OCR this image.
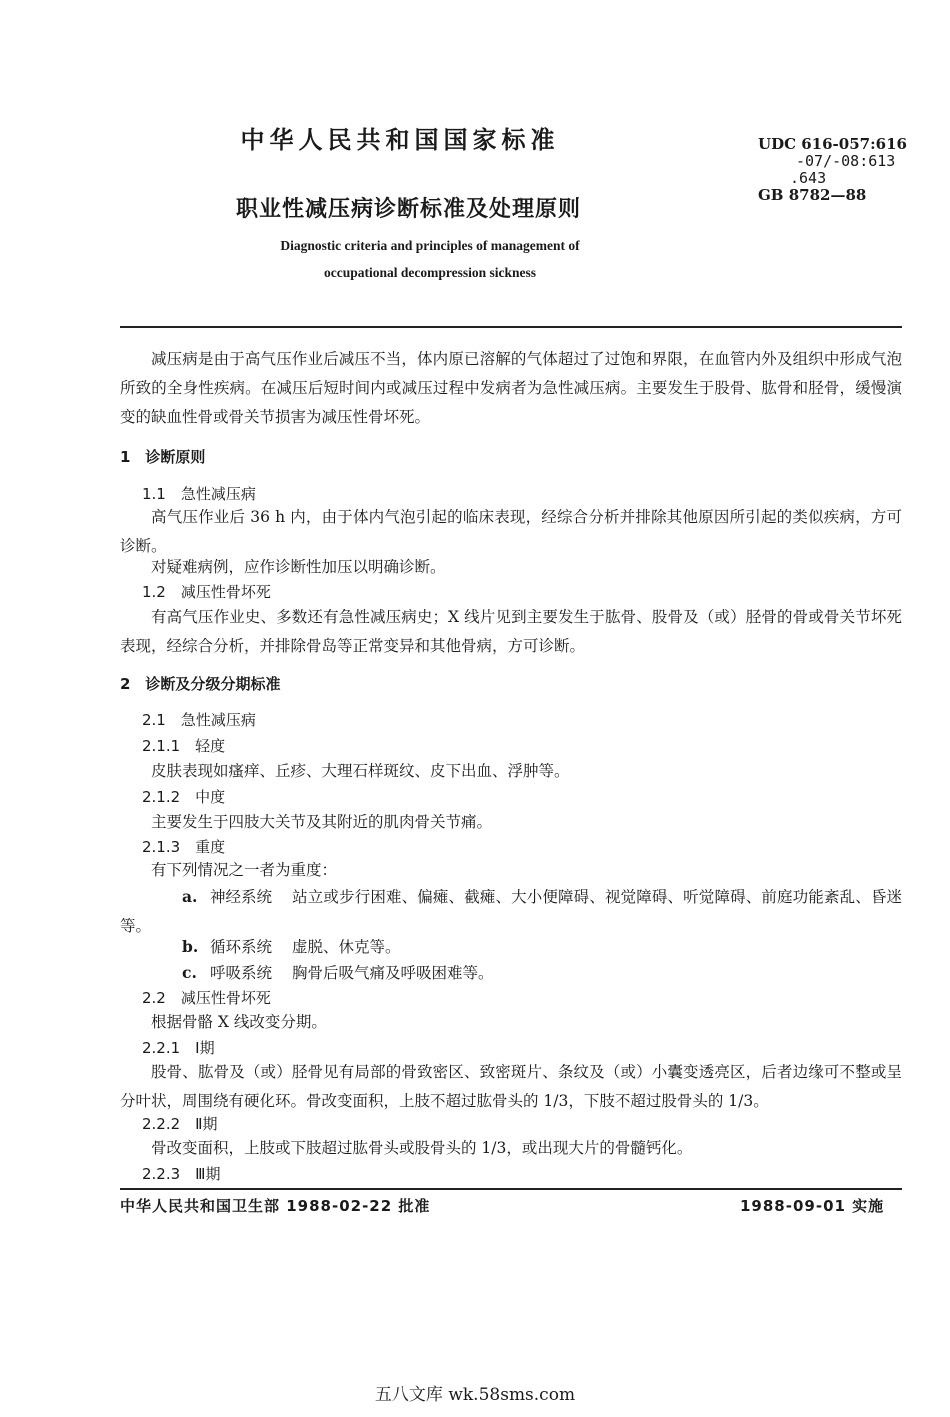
中华人民共和国国家标准	UDC 616-057:616
-07/-08:613
.643
GB 8782—88
职业性减压病诊断标准及处理原则
Diagnostic criteria and principles of management of
occupational decompression sickness
减压病是由于高气压作业后减压不当，体内原已溶解的气体超过了过饱和界限，在血管内外及组织中形成气泡所致的全身性疾病。在减压后短时间内或减压过程中发病者为急性减压病。主要发生于股骨、肱骨和胫骨，缓慢演变的缺血性骨或骨关节损害为减压性骨坏死。
1　诊断原则
1.1　急性减压病
高气压作业后 36 h 内，由于体内气泡引起的临床表现，经综合分析并排除其他原因所引起的类似疾病，方可诊断。
对疑难病例，应作诊断性加压以明确诊断。
1.2　减压性骨坏死
有高气压作业史、多数还有急性减压病史；X 线片见到主要发生于肱骨、股骨及（或）胫骨的骨或骨关节坏死表现，经综合分析，并排除骨岛等正常变异和其他骨病，方可诊断。
2　诊断及分级分期标准
2.1　急性减压病
2.1.1　轻度
皮肤表现如瘙痒、丘疹、大理石样斑纹、皮下出血、浮肿等。
2.1.2　中度
主要发生于四肢大关节及其附近的肌肉骨关节痛。
2.1.3　重度
有下列情况之一者为重度：
a. 神经系统 站立或步行困难、偏瘫、截瘫、大小便障碍、视觉障碍、听觉障碍、前庭功能紊乱、昏迷等。
b. 循环系统 虚脱、休克等。
c. 呼吸系统 胸骨后吸气痛及呼吸困难等。
2.2　减压性骨坏死
根据骨骼 X 线改变分期。
2.2.1　Ⅰ期
股骨、肱骨及（或）胫骨见有局部的骨致密区、致密斑片、条纹及（或）小囊变透亮区，后者边缘可不整或呈分叶状，周围绕有硬化环。骨改变面积，上肢不超过肱骨头的 1/3，下肢不超过股骨头的 1/3。
2.2.2　Ⅱ期
骨改变面积，上肢或下肢超过肱骨头或股骨头的 1/3，或出现大片的骨髓钙化。
2.2.3　Ⅲ期
中华人民共和国卫生部 1988-02-22 批准	1988-09-01 实施
五八文库 wk.58sms.com
